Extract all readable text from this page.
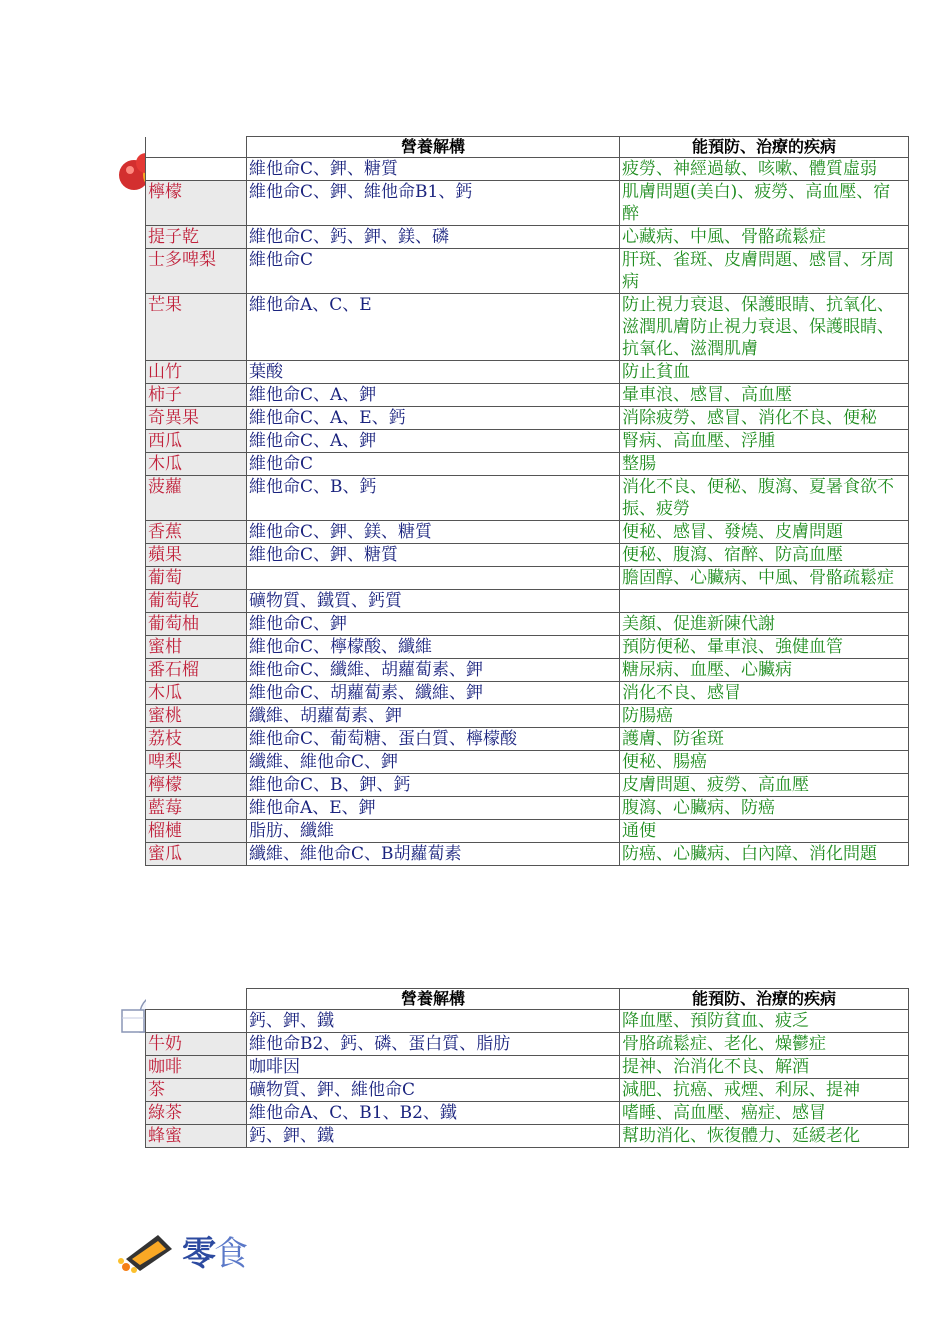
	營養解構	能預防、治療的疾病
	維他命C、鉀、糖質	疲勞、神經過敏、咳嗽、體質虛弱
檸檬	維他命C、鉀、維他命B1、鈣	肌膚問題(美白)、疲勞、高血壓、宿醉
提子乾	維他命C、鈣、鉀、鎂、磷	心藏病、中風、骨骼疏鬆症
士多啤梨	維他命C	肝斑、雀斑、皮膚問題、感冒、牙周病
芒果	維他命A、C、E	防止視力衰退、保護眼睛、抗氧化、滋潤肌膚防止視力衰退、保護眼睛、抗氧化、滋潤肌膚
山竹	葉酸	防止貧血
柿子	維他命C、A、鉀	暈車浪、感冒、高血壓
奇異果	維他命C、A、E、鈣	消除疲勞、感冒、消化不良、便秘
西瓜	維他命C、A、鉀	腎病、高血壓、浮腫
木瓜	維他命C	整腸
菠蘿	維他命C、B、鈣	消化不良、便秘、腹瀉、夏暑食欲不振、疲勞
香蕉	維他命C、鉀、鎂、糖質	便秘、感冒、發燒、皮膚問題
蘋果	維他命C、鉀、糖質	便秘、腹瀉、宿醉、防高血壓
葡萄		膽固醇、心臟病、中風、骨骼疏鬆症
葡萄乾	礦物質、鐵質、鈣質	
葡萄柚	維他命C、鉀	美顏、促進新陳代謝
蜜柑	維他命C、檸檬酸、纖維	預防便秘、暈車浪、強健血管
番石榴	維他命C、纖維、胡蘿蔔素、鉀	糖尿病、血壓、心臟病
木瓜	維他命C、胡蘿蔔素、纖維、鉀	消化不良、感冒
蜜桃	纖維、胡蘿蔔素、鉀	防腸癌
荔枝	維他命C、葡萄糖、蛋白質、檸檬酸	護膚、防雀斑
啤梨	纖維、維他命C、鉀	便秘、腸癌
檸檬	維他命C、B、鉀、鈣	皮膚問題、疲勞、高血壓
藍莓	維他命A、E、鉀	腹瀉、心臟病、防癌
榴槤	脂肪、纖維	通便
蜜瓜	纖維、維他命C、B胡蘿蔔素	防癌、心臟病、白內障、消化問題
	營養解構	能預防、治療的疾病
	鈣、鉀、鐵	降血壓、預防貧血、疲乏
牛奶	維他命B2、鈣、磷、蛋白質、脂肪	骨胳疏鬆症、老化、燥鬱症
咖啡	咖啡因	提神、治消化不良、解酒
茶	礦物質、鉀、維他命C	減肥、抗癌、戒煙、利尿、提神
綠茶	維他命A、C、B1、B2、鐵	嗜睡、高血壓、癌症、感冒
蜂蜜	鈣、鉀、鐵	幫助消化、恢復體力、延緩老化
零食
